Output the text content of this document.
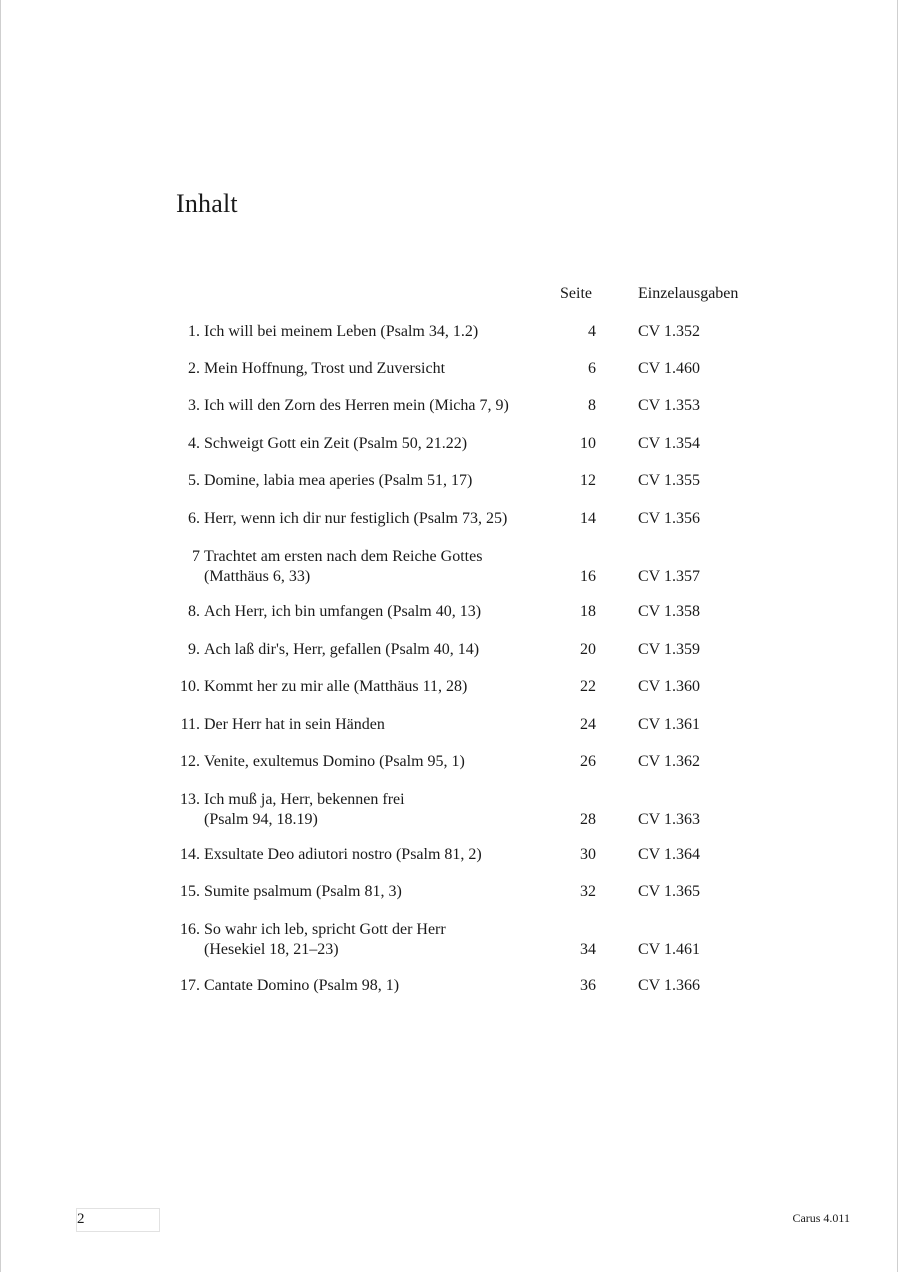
Inhalt
Seite	Einzelausgaben
1. Ich will bei meinem Leben (Psalm 34, 1.2)	4	CV 1.352
2. Mein Hoffnung, Trost und Zuversicht	6	CV 1.460
3. Ich will den Zorn des Herren mein (Micha 7, 9)	8	CV 1.353
4. Schweigt Gott ein Zeit (Psalm 50, 21.22)	10	CV 1.354
5. Domine, labia mea aperies (Psalm 51, 17)	12	CV 1.355
6. Herr, wenn ich dir nur festiglich (Psalm 73, 25)	14	CV 1.356
7 Trachtet am ersten nach dem Reiche Gottes
(Matthäus 6, 33)	16	CV 1.357
8. Ach Herr, ich bin umfangen (Psalm 40, 13)	18	CV 1.358
9. Ach laß dir's, Herr, gefallen (Psalm 40, 14)	20	CV 1.359
10. Kommt her zu mir alle (Matthäus 11, 28)	22	CV 1.360
11. Der Herr hat in sein Händen	24	CV 1.361
12. Venite, exultemus Domino (Psalm 95, 1)	26	CV 1.362
13. Ich muß ja, Herr, bekennen frei
(Psalm 94, 18.19)	28	CV 1.363
14. Exsultate Deo adiutori nostro (Psalm 81, 2)	30	CV 1.364
15. Sumite psalmum (Psalm 81, 3)	32	CV 1.365
16. So wahr ich leb, spricht Gott der Herr
(Hesekiel 18, 21–23)	34	CV 1.461
17. Cantate Domino (Psalm 98, 1)	36	CV 1.366
2	Carus 4.011
